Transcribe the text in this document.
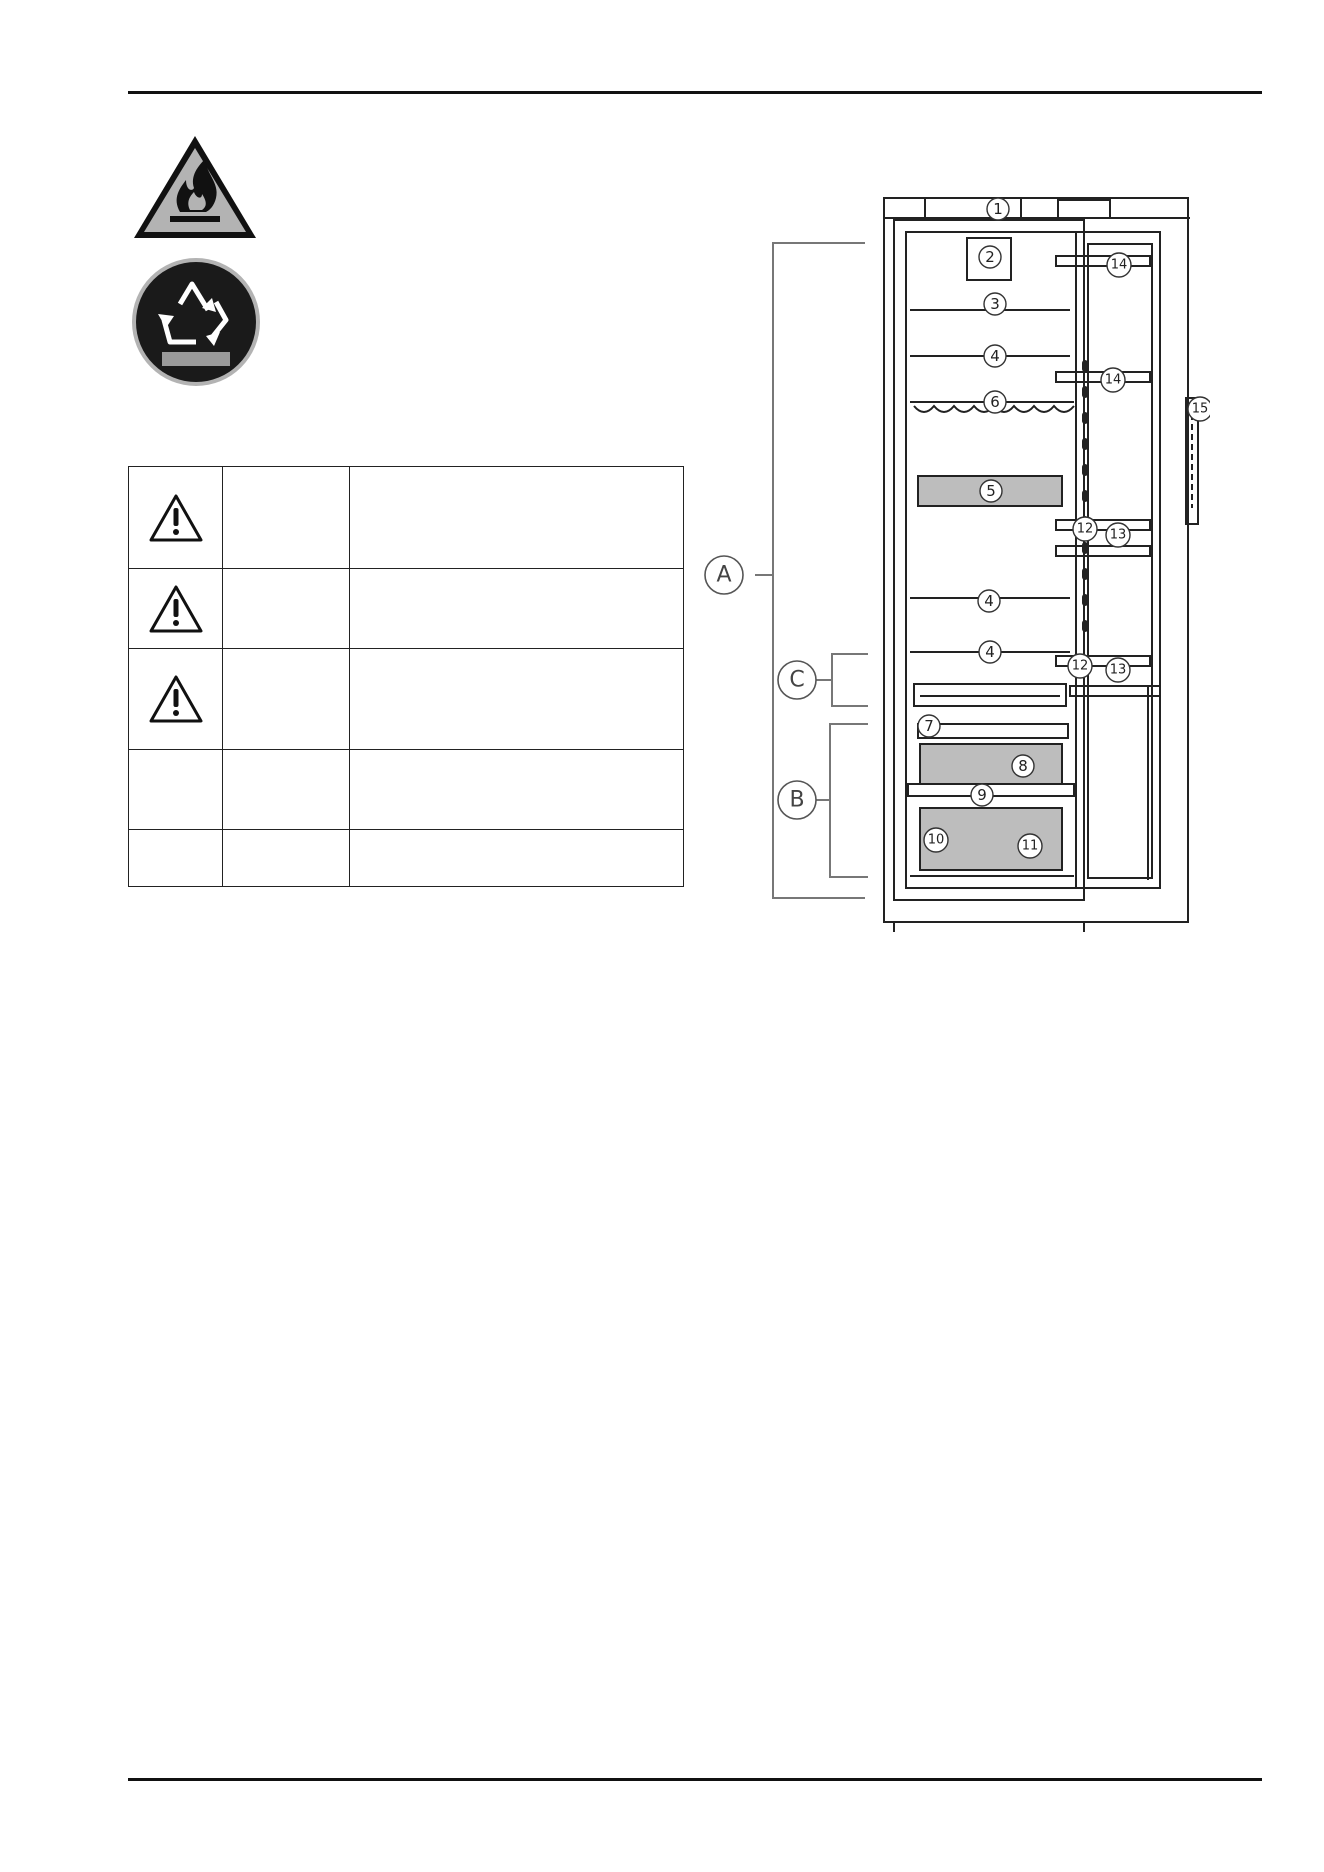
1
2
3
4
6
5
4
4
7
8
9
10	11
12 13
12 13
14
14
15
A
C
B
